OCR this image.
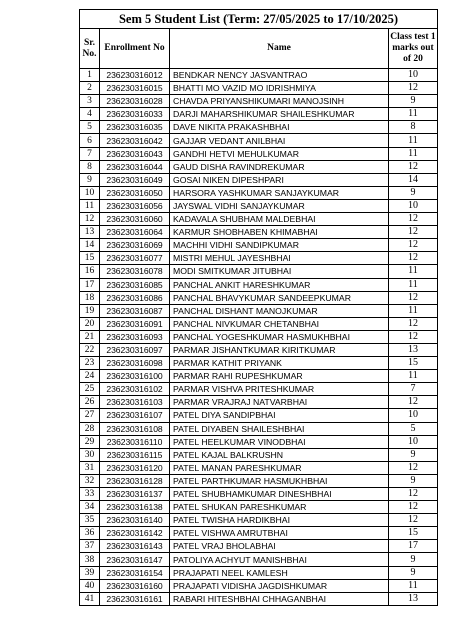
Sem 5 Student List (Term: 27/05/2025 to 17/10/2025)			
Sr. No.	Enrollment No	Name	Class test 1 marks out of 20
1	236230316012	BENDKAR NENCY JASVANTRAO	10
2	236230316015	BHATTI MO VAZID MO IDRISHMIYA	12
3	236230316028	CHAVDA PRIYANSHIKUMARI MANOJSINH	9
4	236230316033	DARJI MAHARSHIKUMAR SHAILESHKUMAR	11
5	236230316035	DAVE NIKITA PRAKASHBHAI	8
6	236230316042	GAJJAR VEDANT ANILBHAI	11
7	236230316043	GANDHI HETVI MEHULKUMAR	11
8	236230316044	GAUD DISHA RAVINDREKUMAR	12
9	236230316049	GOSAI NIKEN DIPESHPARI	14
10	236230316050	HARSORA YASHKUMAR SANJAYKUMAR	9
11	236230316056	JAYSWAL VIDHI SANJAYKUMAR	10
12	236230316060	KADAVALA SHUBHAM MALDEBHAI	12
13	236230316064	KARMUR SHOBHABEN KHIMABHAI	12
14	236230316069	MACHHI VIDHI SANDIPKUMAR	12
15	236230316077	MISTRI MEHUL JAYESHBHAI	12
16	236230316078	MODI SMITKUMAR JITUBHAI	11
17	236230316085	PANCHAL ANKIT HARESHKUMAR	11
18	236230316086	PANCHAL BHAVYKUMAR SANDEEPKUMAR	12
19	236230316087	PANCHAL DISHANT MANOJKUMAR	11
20	236230316091	PANCHAL NIVKUMAR CHETANBHAI	12
21	236230316093	PANCHAL YOGESHKUMAR HASMUKHBHAI	12
22	236230316097	PARMAR JISHANTKUMAR KIRITKUMAR	13
23	236230316098	PARMAR KATHIT PRIYANK	15
24	236230316100	PARMAR RAHI RUPESHKUMAR	11
25	236230316102	PARMAR VISHVA PRITESHKUMAR	7
26	236230316103	PARMAR VRAJRAJ NATVARBHAI	12
27	236230316107	PATEL DIYA SANDIPBHAI	10
28	236230316108	PATEL DIYABEN SHAILESHBHAI	5
29	236230316110	PATEL HEELKUMAR VINODBHAI	10
30	236230316115	PATEL KAJAL BALKRUSHN	9
31	236230316120	PATEL MANAN PARESHKUMAR	12
32	236230316128	PATEL PARTHKUMAR HASMUKHBHAI	9
33	236230316137	PATEL SHUBHAMKUMAR DINESHBHAI	12
34	236230316138	PATEL SHUKAN PARESHKUMAR	12
35	236230316140	PATEL TWISHA HARDIKBHAI	12
36	236230316142	PATEL VISHWA AMRUTBHAI	15
37	236230316143	PATEL VRAJ BHOLABHAI	17
38	236230316147	PATOLIYA ACHYUT MANISHBHAI	9
39	236230316154	PRAJAPATI NEEL KAMLESH	9
40	236230316160	PRAJAPATI VIDISHA JAGDISHKUMAR	11
41	236230316161	RABARI HITESHBHAI CHHAGANBHAI	13
